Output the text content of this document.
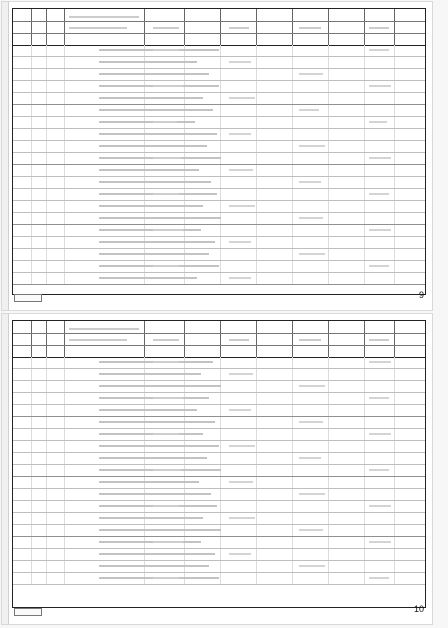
9
10
